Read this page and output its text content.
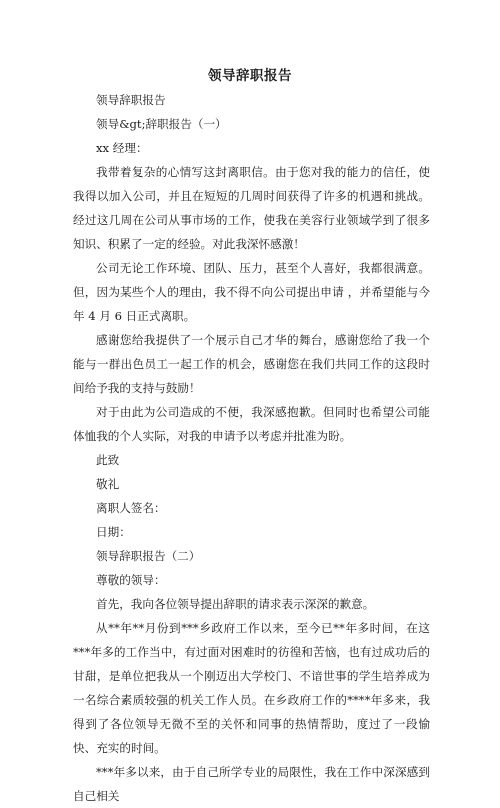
领导辞职报告

领导辞职报告

领导&gt;辞职报告（一）

xx 经理：

我带着复杂的心情写这封离职信。由于您对我的能力的信任，使我得以加入公司，并且在短短的几周时间获得了许多的机遇和挑战。经过这几周在公司从事市场的工作，使我在美容行业领域学到了很多知识、积累了一定的经验。对此我深怀感激！

公司无论工作环境、团队、压力，甚至个人喜好，我都很满意。但，因为某些个人的理由，我不得不向公司提出申请 ，并希望能与今年 4 月 6 日正式离职。

感谢您给我提供了一个展示自己才华的舞台，感谢您给了我一个能与一群出色员工一起工作的机会，感谢您在我们共同工作的这段时间给予我的支持与鼓励！

对于由此为公司造成的不便，我深感抱歉。但同时也希望公司能体恤我的个人实际，对我的申请予以考虑并批准为盼。

此致

敬礼

离职人签名：

日期：

领导辞职报告（二）

尊敬的领导：

首先，我向各位领导提出辞职的请求表示深深的歉意。

从**年**月份到***乡政府工作以来，至今已**年多时间，在这***年多的工作当中，有过面对困难时的彷徨和苦恼，也有过成功后的甘甜，是单位把我从一个刚迈出大学校门、不谙世事的学生培养成为一名综合素质较强的机关工作人员。在乡政府工作的****年多来，我得到了各位领导无微不至的关怀和同事的热情帮助，度过了一段愉快、充实的时间。

***年多以来，由于自己所学专业的局限性，我在工作中深深感到自己相关
